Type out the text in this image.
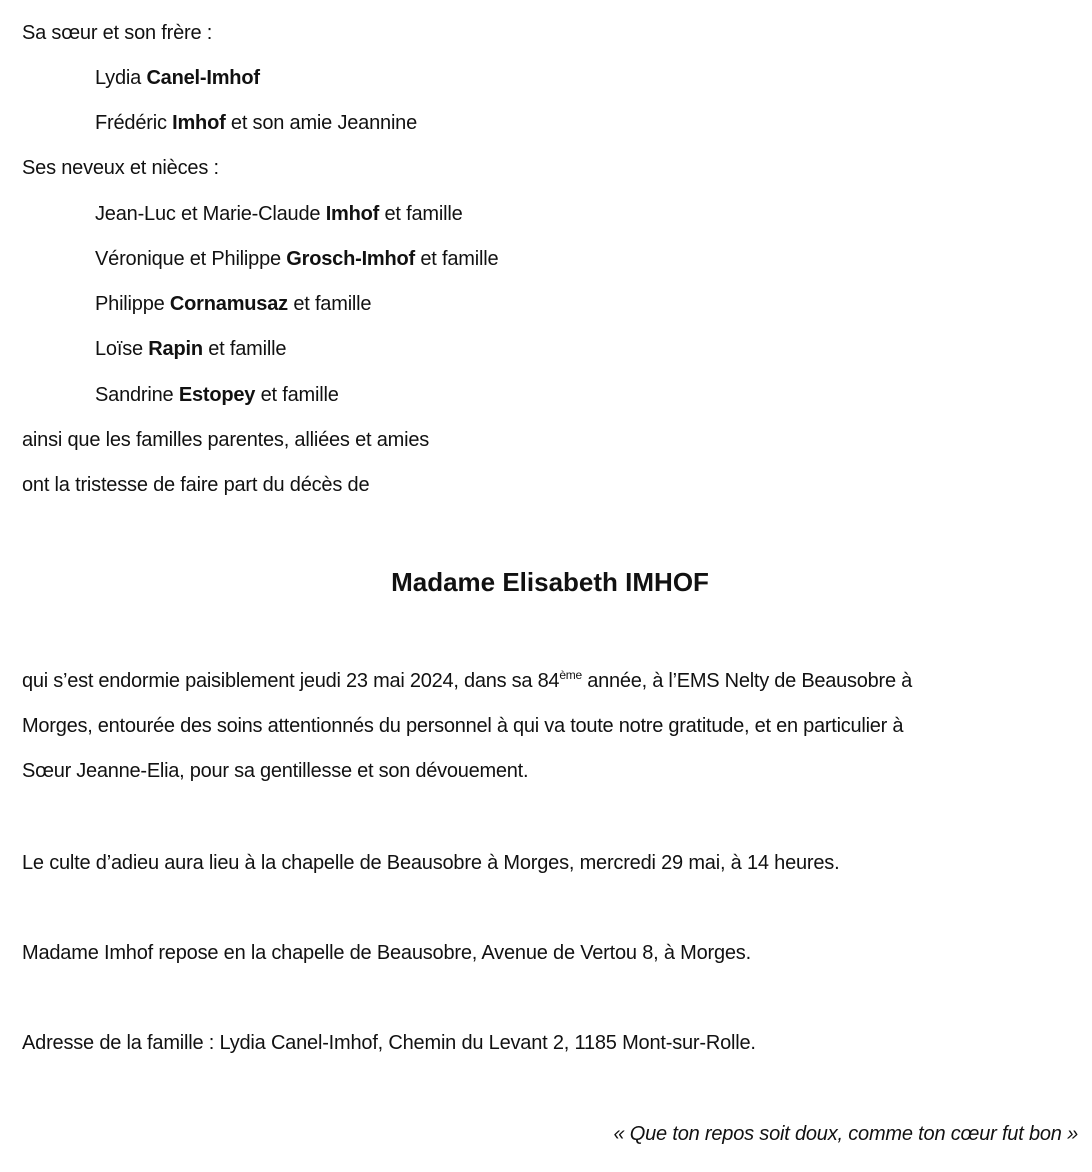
Sa sœur et son frère :
Lydia Canel-Imhof
Frédéric Imhof et son amie Jeannine
Ses neveux et nièces :
Jean-Luc et Marie-Claude Imhof et famille
Véronique et Philippe Grosch-Imhof et famille
Philippe Cornamusaz et famille
Loïse Rapin et famille
Sandrine Estopey et famille
ainsi que les familles parentes, alliées et amies
ont la tristesse de faire part du décès de
Madame Elisabeth IMHOF
qui s’est endormie paisiblement jeudi 23 mai 2024, dans sa 84ème année, à l’EMS Nelty de Beausobre à
Morges, entourée des soins attentionnés du personnel à qui va toute notre gratitude, et en particulier à
Sœur Jeanne-Elia, pour sa gentillesse et son dévouement.
Le culte d’adieu aura lieu à la chapelle de Beausobre à Morges, mercredi 29 mai, à 14 heures.
Madame Imhof repose en la chapelle de Beausobre, Avenue de Vertou 8, à Morges.
Adresse de la famille : Lydia Canel-Imhof, Chemin du Levant 2, 1185 Mont-sur-Rolle.
« Que ton repos soit doux, comme ton cœur fut bon »
